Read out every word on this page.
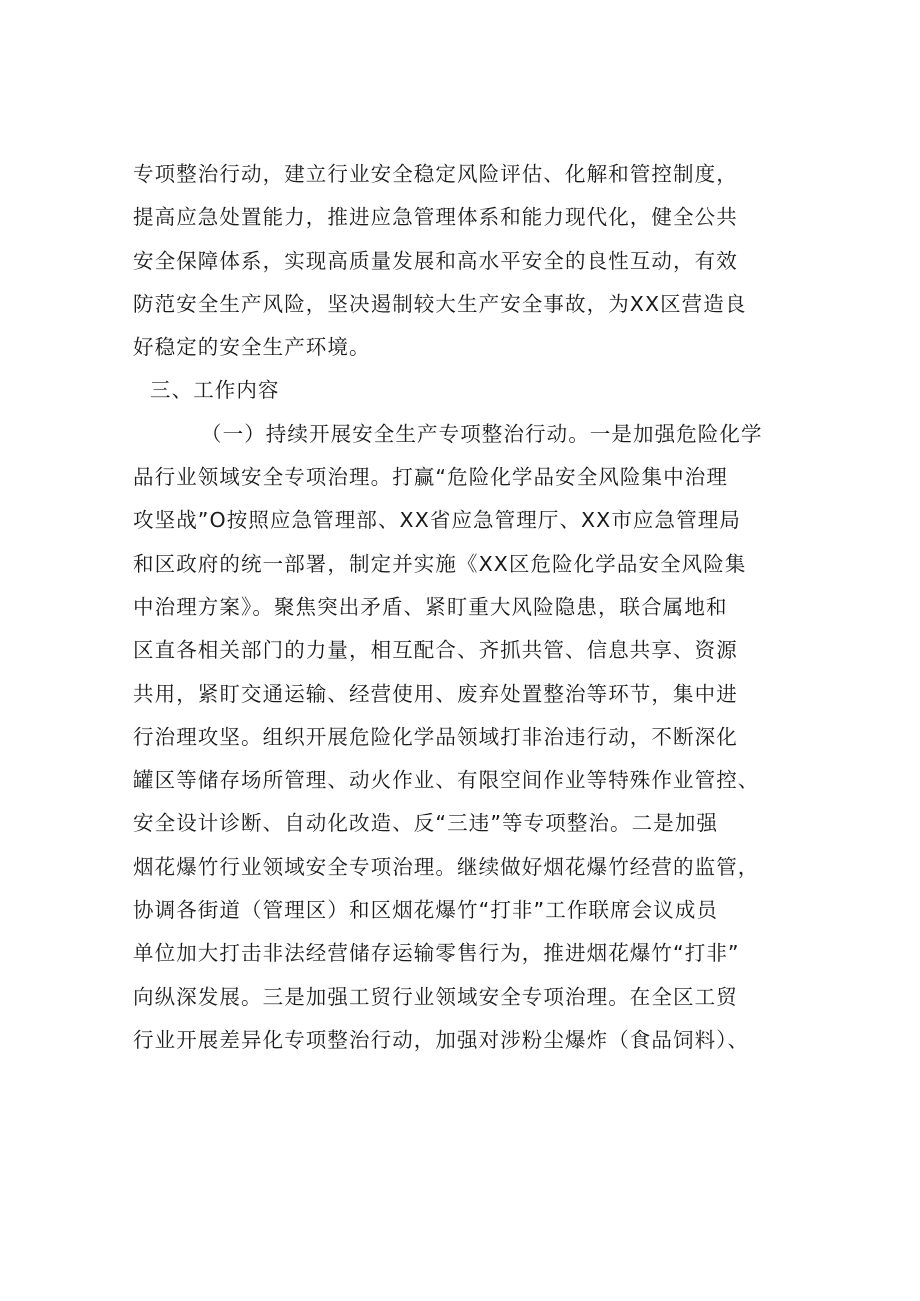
专项整治行动，建立行业安全稳定风险评估、化解和管控制度，
提高应急处置能力，推进应急管理体系和能力现代化，健全公共
安全保障体系，实现高质量发展和高水平安全的良性互动，有效
防范安全生产风险，坚决遏制较大生产安全事故，为XX区营造良
好稳定的安全生产环境。
三、工作内容
（一）持续开展安全生产专项整治行动。一是加强危险化学
品行业领域安全专项治理。打赢“危险化学品安全风险集中治理
攻坚战”O按照应急管理部、XX省应急管理厅、XX市应急管理局
和区政府的统一部署，制定并实施《XX区危险化学品安全风险集
中治理方案》。聚焦突出矛盾、紧盯重大风险隐患，联合属地和
区直各相关部门的力量，相互配合、齐抓共管、信息共享、资源
共用，紧盯交通运输、经营使用、废弃处置整治等环节，集中进
行治理攻坚。组织开展危险化学品领域打非治违行动，不断深化
罐区等储存场所管理、动火作业、有限空间作业等特殊作业管控、
安全设计诊断、自动化改造、反“三违”等专项整治。二是加强
烟花爆竹行业领域安全专项治理。继续做好烟花爆竹经营的监管，
协调各街道（管理区）和区烟花爆竹“打非”工作联席会议成员
单位加大打击非法经营储存运输零售行为，推进烟花爆竹“打非”
向纵深发展。三是加强工贸行业领域安全专项治理。在全区工贸
行业开展差异化专项整治行动，加强对涉粉尘爆炸（食品饲料）、
